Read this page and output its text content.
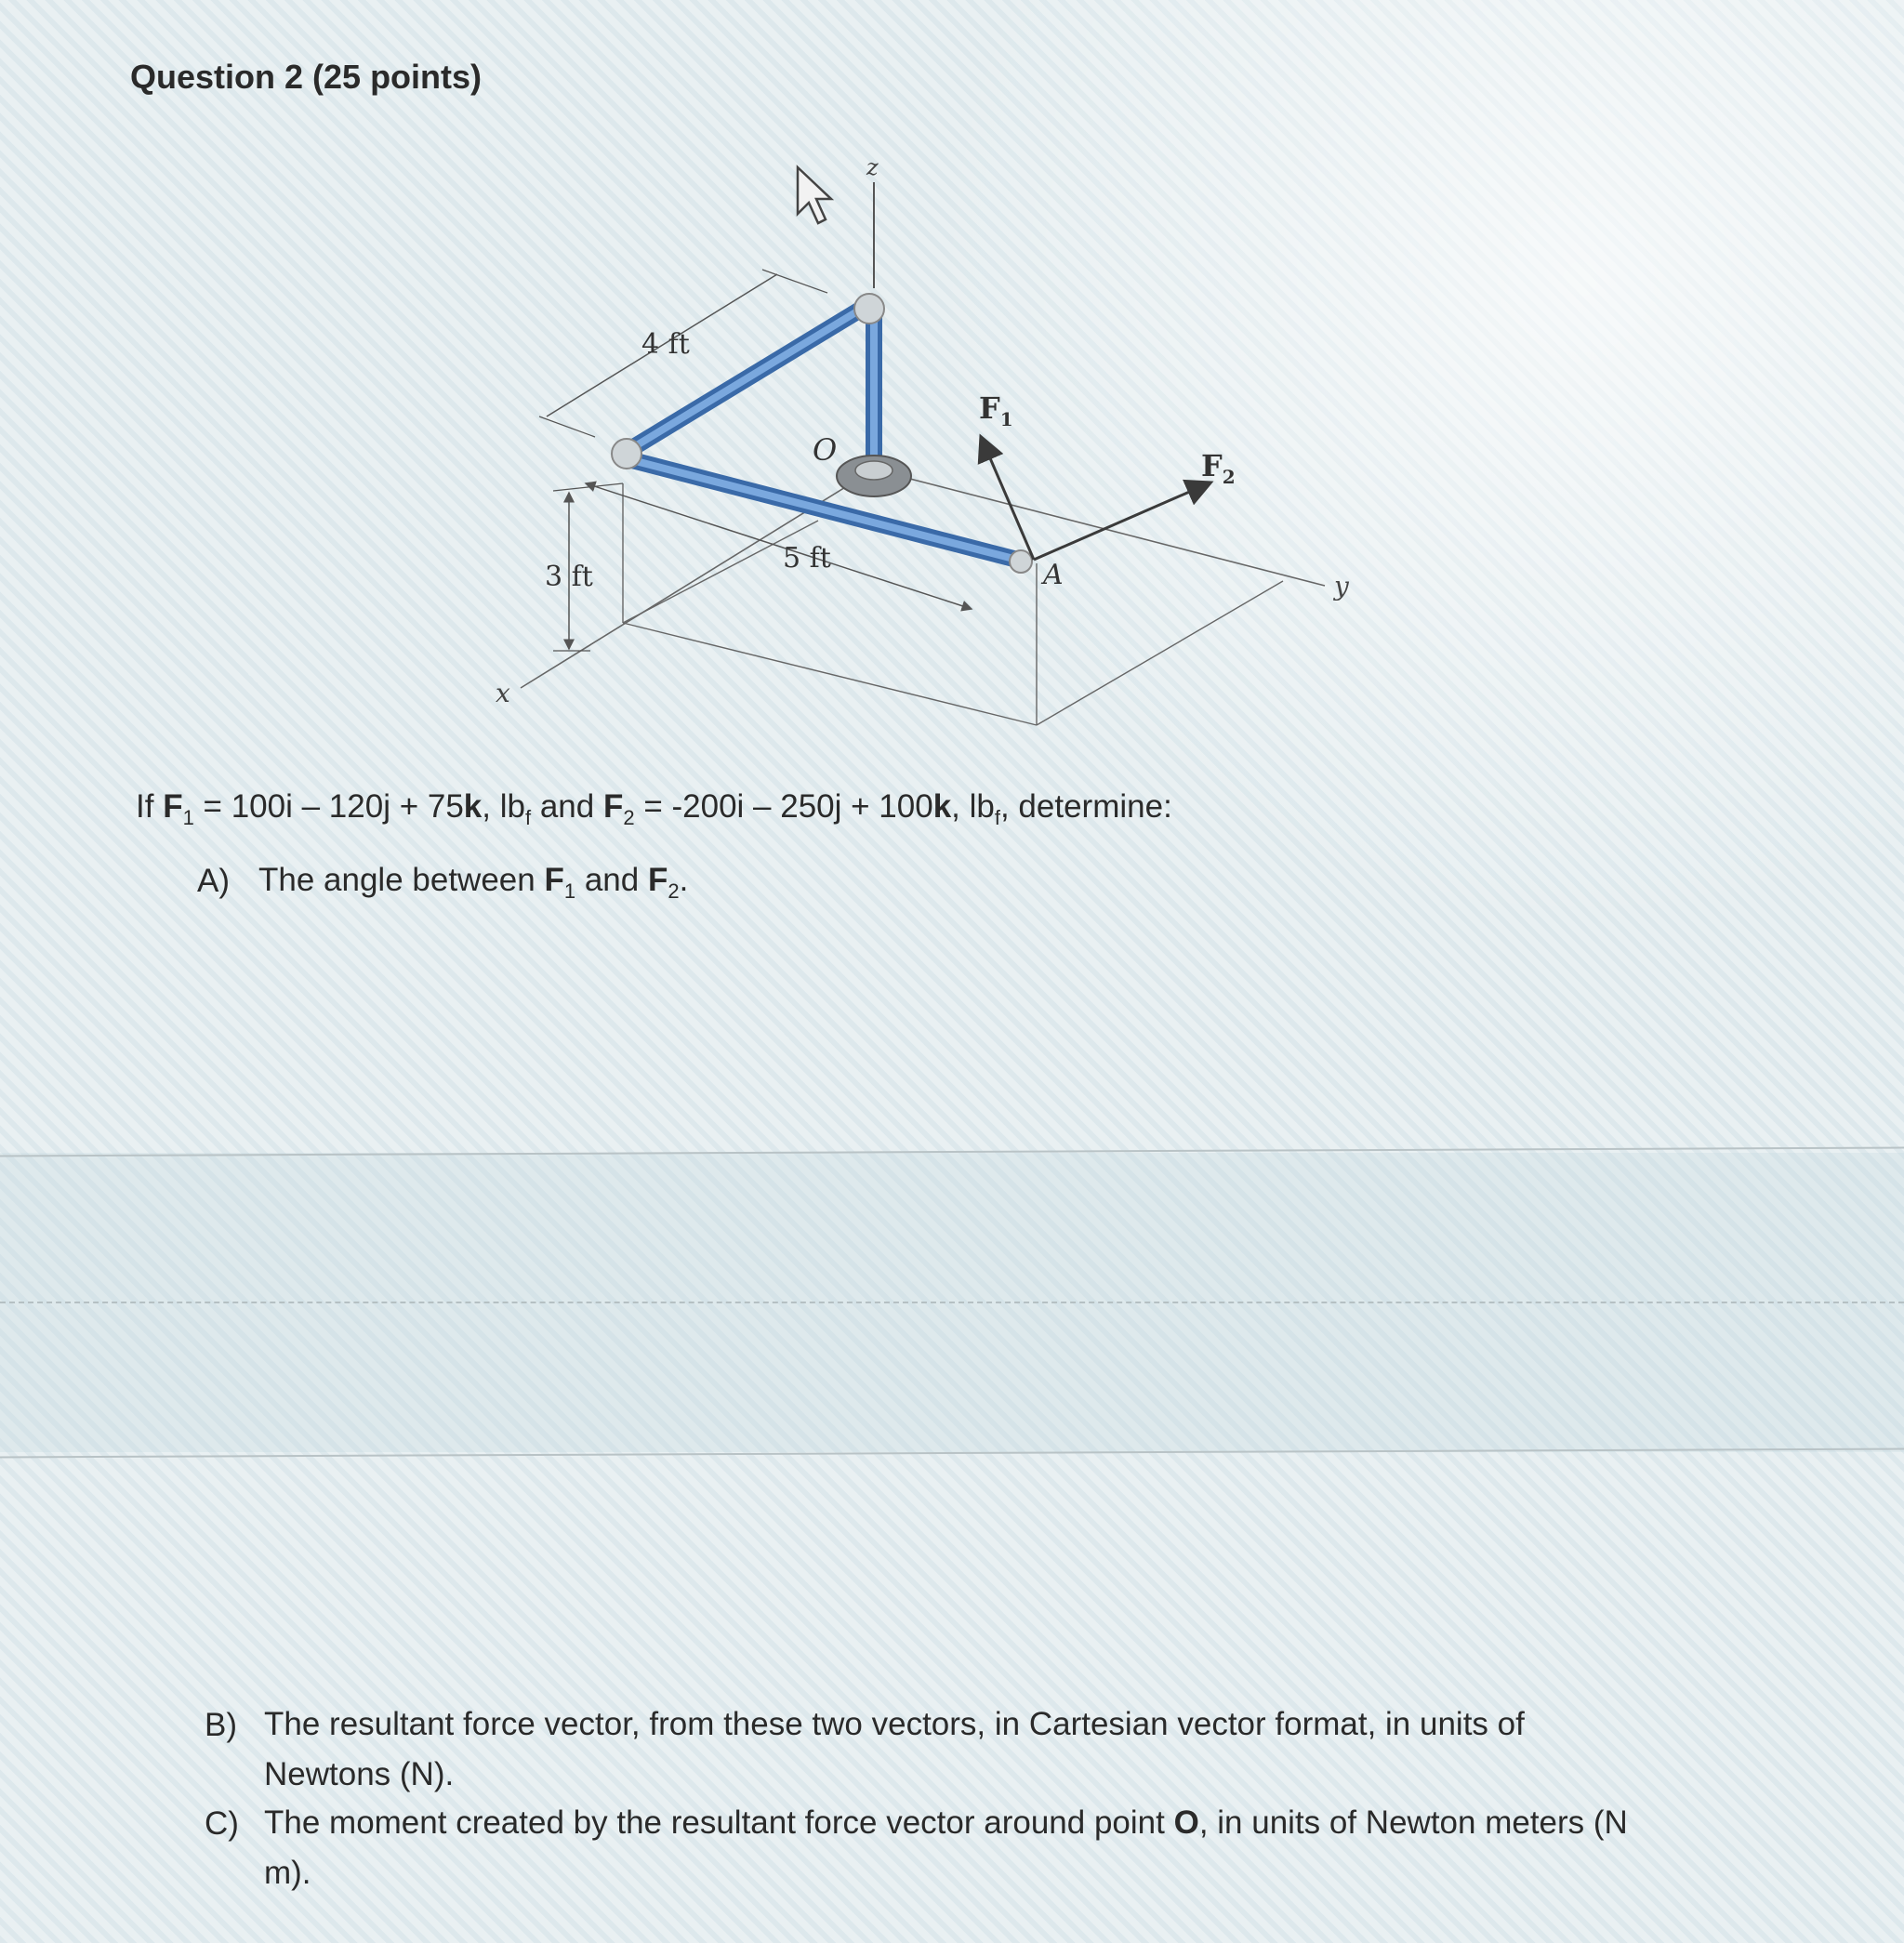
Question 2 (25 points)
z
y
x
4 ft
5 ft
3 ft
O
A
$F_1$
$F_2$
If $F_1 = 100i - 120j + 75k$, $lb_f$ and $F_2 = -200i - 250j + 100k$, $lb_f$, determine:
A) The angle between $F_1$ and $F_2$.
B) The resultant force vector, from these two vectors, in Cartesian vector format, in units of
Newtons (N).
C) The moment created by the resultant force vector around point O, in units of Newton meters (N
m).
